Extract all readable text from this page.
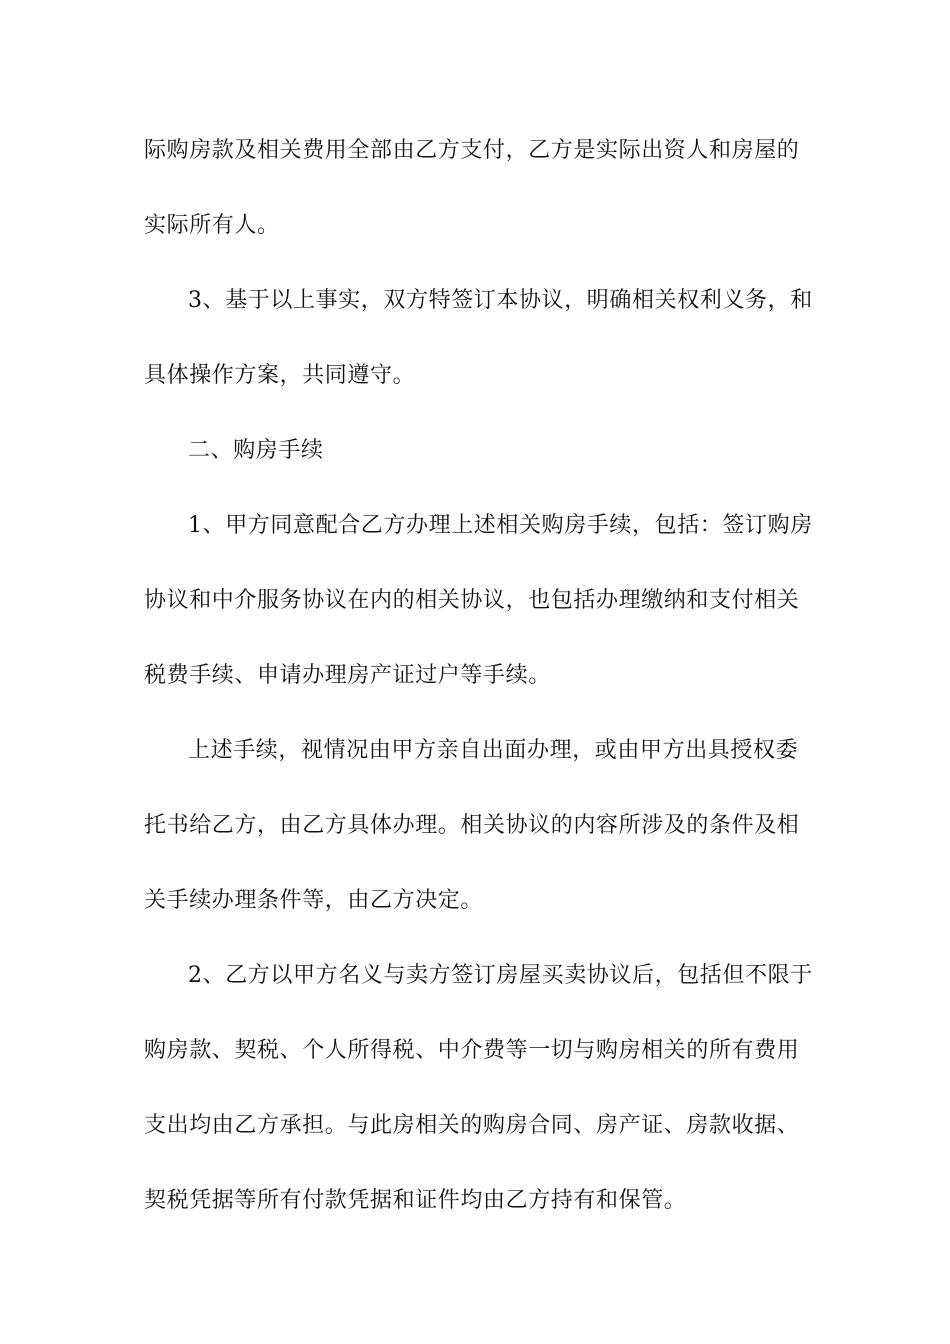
际购房款及相关费用全部由乙方支付，乙方是实际出资人和房屋的
实际所有人。
3、基于以上事实，双方特签订本协议，明确相关权利义务，和
具体操作方案，共同遵守。
二、购房手续
1、甲方同意配合乙方办理上述相关购房手续，包括：签订购房
协议和中介服务协议在内的相关协议，也包括办理缴纳和支付相关
税费手续、申请办理房产证过户等手续。
上述手续，视情况由甲方亲自出面办理，或由甲方出具授权委
托书给乙方，由乙方具体办理。相关协议的内容所涉及的条件及相
关手续办理条件等，由乙方决定。
2、乙方以甲方名义与卖方签订房屋买卖协议后，包括但不限于
购房款、契税、个人所得税、中介费等一切与购房相关的所有费用
支出均由乙方承担。与此房相关的购房合同、房产证、房款收据、
契税凭据等所有付款凭据和证件均由乙方持有和保管。
